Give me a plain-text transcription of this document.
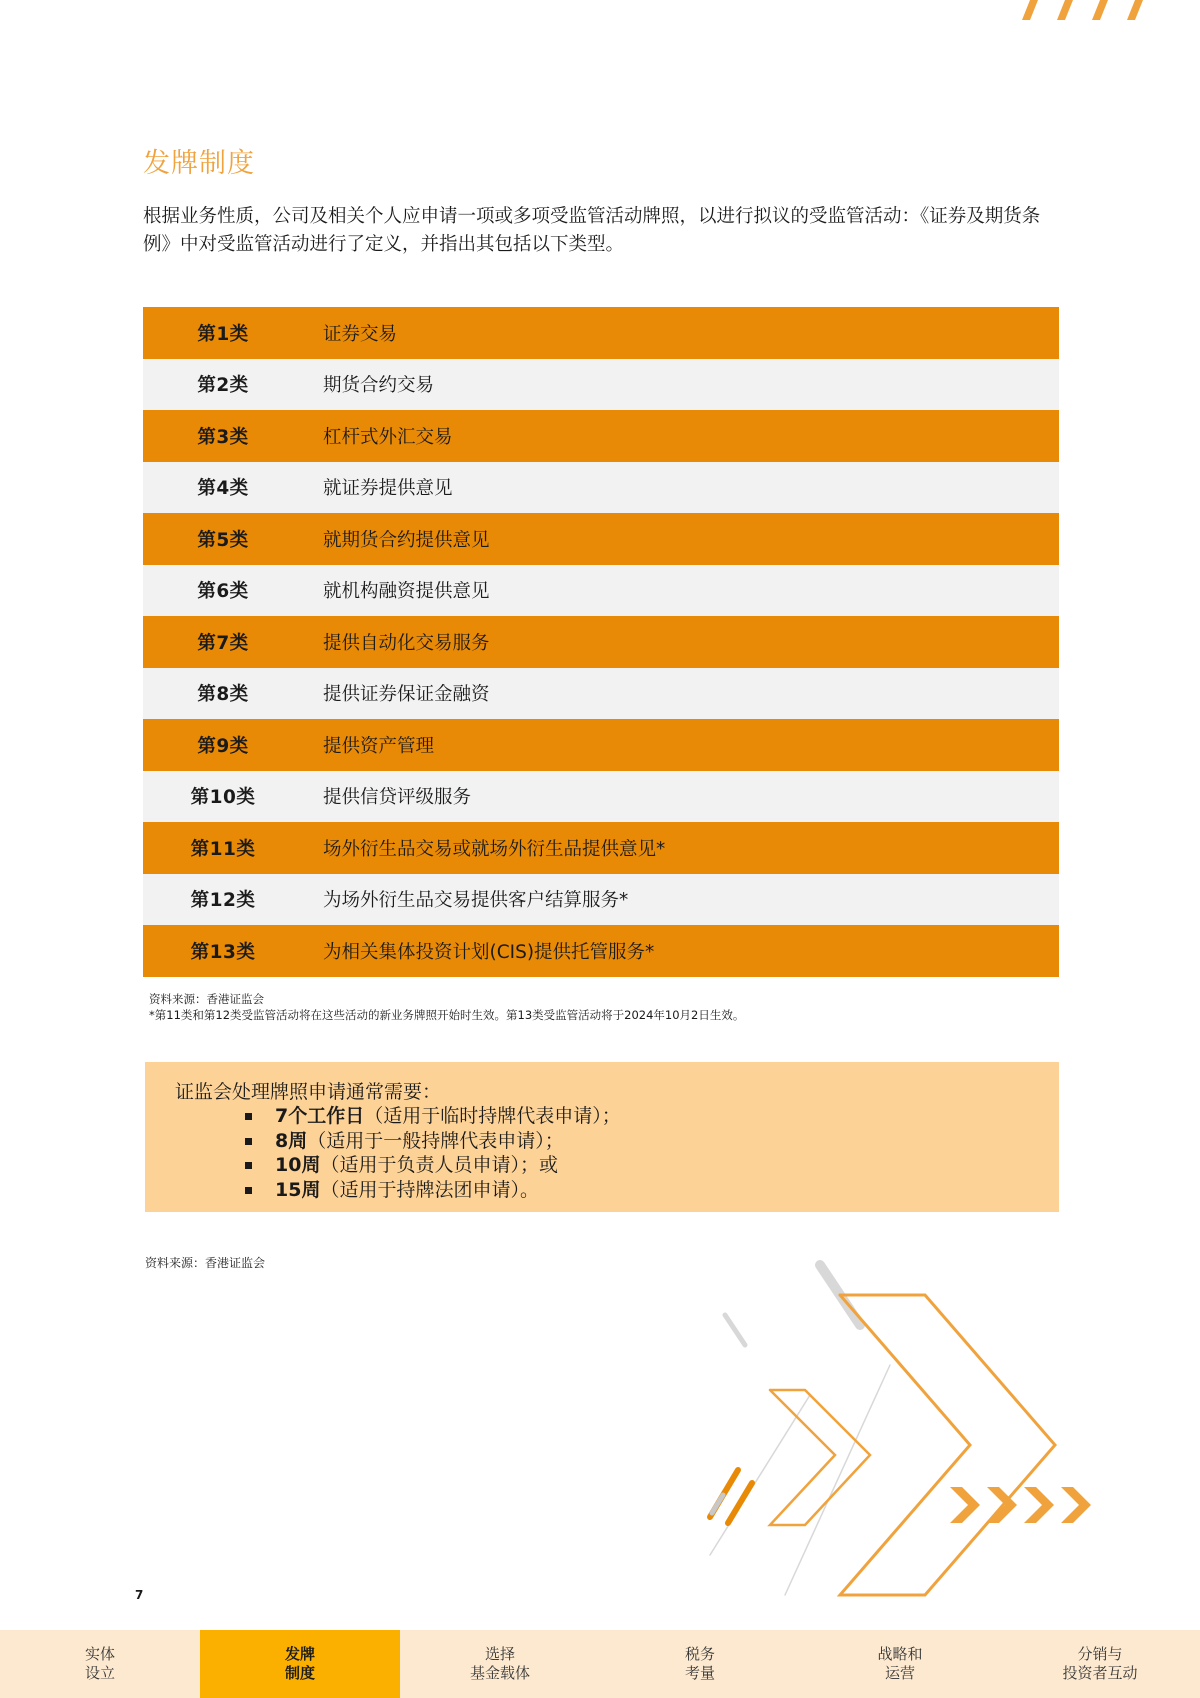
发牌制度

根据业务性质，公司及相关个人应申请一项或多项受监管活动牌照，以进行拟议的受监管活动：《证券及期货条例》中对受监管活动进行了定义，并指出其包括以下类型。

第1类	证券交易
第2类	期货合约交易
第3类	杠杆式外汇交易
第4类	就证券提供意见
第5类	就期货合约提供意见
第6类	就机构融资提供意见
第7类	提供自动化交易服务
第8类	提供证券保证金融资
第9类	提供资产管理
第10类	提供信贷评级服务
第11类	场外衍生品交易或就场外衍生品提供意见*
第12类	为场外衍生品交易提供客户结算服务*
第13类	为相关集体投资计划(CIS)提供托管服务*
资料来源：香港证监会
*第11类和第12类受监管活动将在这些活动的新业务牌照开始时生效。第13类受监管活动将于2024年10月2日生效。
证监会处理牌照申请通常需要：
7个工作日（适用于临时持牌代表申请）；
8周（适用于一般持牌代表申请）；
10周（适用于负责人员申请）；或
15周（适用于持牌法团申请）。

资料来源：香港证监会

7
实体
设立
发牌
制度
选择
基金载体
税务
考量
战略和
运营
分销与
投资者互动
